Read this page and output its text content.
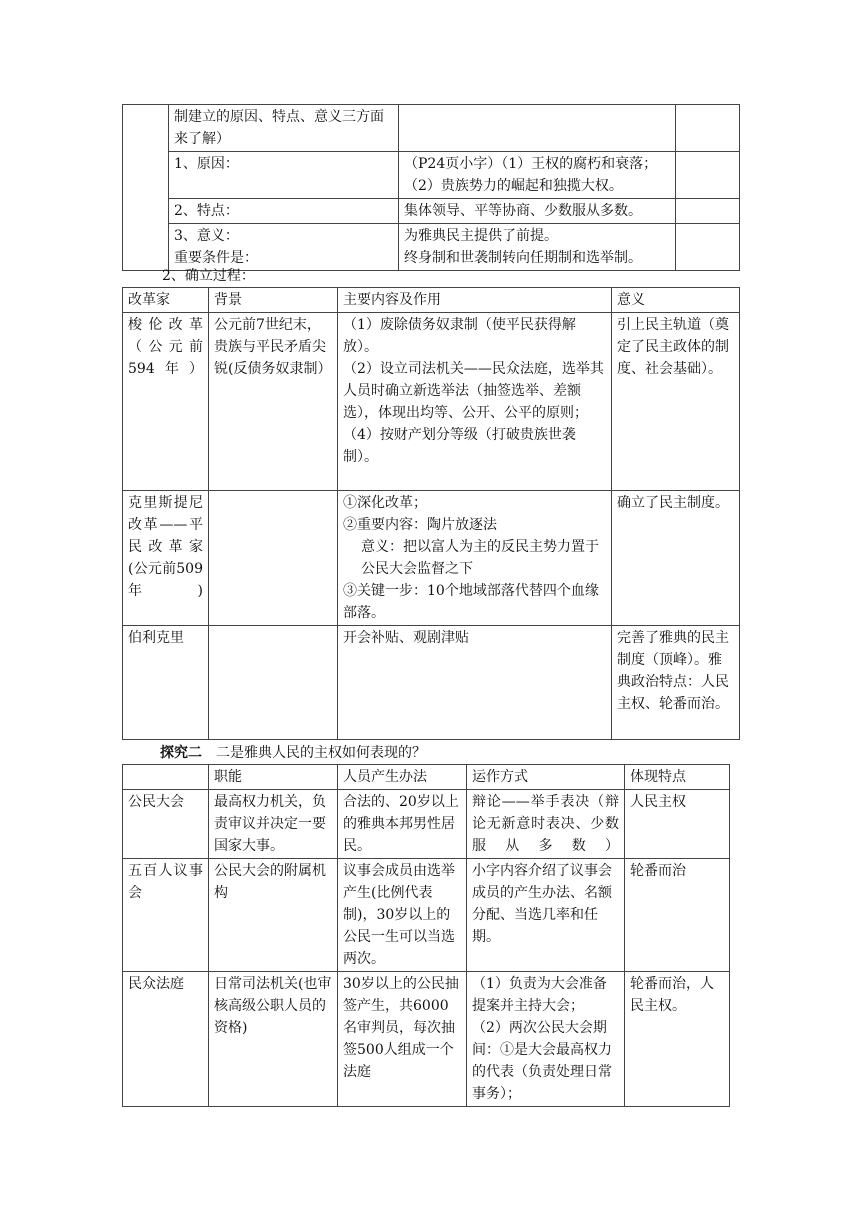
	制建立的原因、特点、意义三方面来了解）		
	1、原因：	（P24页小字）（1）王权的腐朽和衰落；
（2）贵族势力的崛起和独揽大权。	

	2、特点：	集体领导、平等协商、少数服从多数。	

	3、意义：
重要条件是：	为雅典民主提供了前提。
终身制和世袭制转向任期制和选举制。	

2、确立过程：
改革家	背景	主要内容及作用	意义
梭伦改革（公元前594年）	公元前7世纪末，贵族与平民矛盾尖锐(反债务奴隶制）	（1）废除债务奴隶制（使平民获得解放）。
（2）设立司法机关——民众法庭，选举其人员时确立新选举法（抽签选举、差额选），体现出均等、公开、公平的原则；
（4）按财产划分等级（打破贵族世袭制）。	引上民主轨道（奠定了民主政体的制度、社会基础）。
克里斯提尼改革——平民改革家(公元前509年)		①深化改革；
②重要内容：陶片放逐法
意义：把以富人为主的反民主势力置于公民大会监督之下
③关键一步：10个地域部落代替四个血缘部落。	确立了民主制度。
伯利克里		开会补贴、观剧津贴	完善了雅典的民主制度（顶峰）。雅典政治特点：人民主权、轮番而治。
探究二 二是雅典人民的主权如何表现的？
	职能	人员产生办法	运作方式	体现特点
公民大会	最高权力机关，负责审议并决定一要国家大事。	合法的、20岁以上的雅典本邦男性居民。	辩论——举手表决（辩论无新意时表决、少数服从多数）	人民主权
五百人议事会	公民大会的附属机构	议事会成员由选举产生(比例代表制)，30岁以上的公民一生可以当选两次。	小字内容介绍了议事会成员的产生办法、名额分配、当选几率和任期。	轮番而治
民众法庭	日常司法机关(也审核高级公职人员的资格)	30岁以上的公民抽签产生，共6000名审判员，每次抽签500人组成一个法庭	（1）负责为大会准备提案并主持大会；
（2）两次公民大会期间：①是大会最高权力的代表（负责处理日常事务）；	轮番而治，人民主权。
